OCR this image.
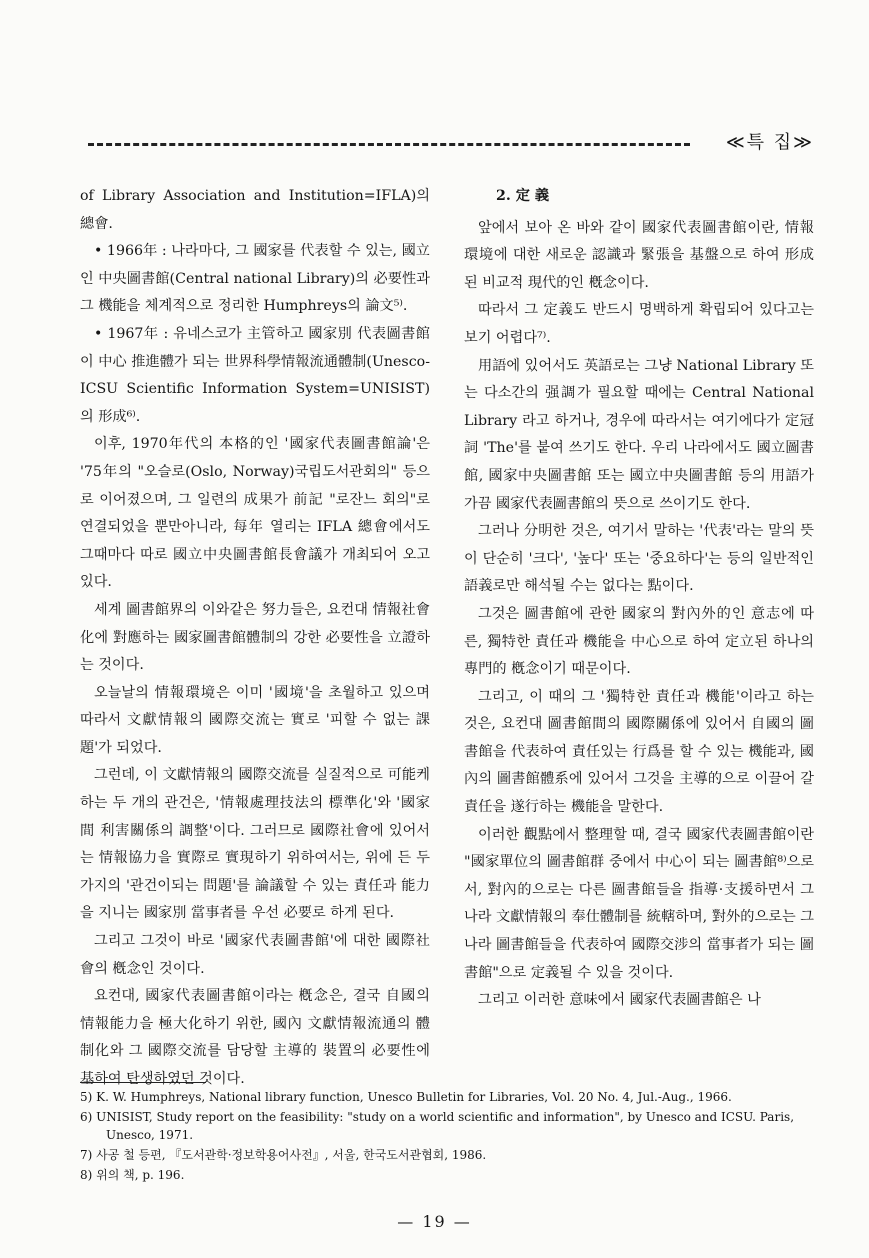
≪특 집≫

of Library Association and Institution=IFLA)의 總會.

• 1966年 : 나라마다, 그 國家를 代表할 수 있는, 國立인 中央圖書館(Central national Library)의 必要性과 그 機能을 체계적으로 정리한 Humphreys의 論文⁵⁾.

• 1967年 : 유네스코가 主管하고 國家別 代表圖書館이 中心 推進體가 되는 世界科學情報流通體制(Unesco-ICSU Scientific Information System=UNISIST)의 形成⁶⁾.

이후, 1970年代의 本格的인 '國家代表圖書館論'은 '75年의 "오슬로(Oslo, Norway)국립도서관회의" 등으로 이어졌으며, 그 일련의 成果가 前記 "로잔느 회의"로 연결되었을 뿐만아니라, 每年 열리는 IFLA 總會에서도 그때마다 따로 國立中央圖書館長會議가 개최되어 오고 있다.

세계 圖書館界의 이와같은 努力들은, 요컨대 情報社會化에 對應하는 國家圖書館體制의 강한 必要性을 立證하는 것이다.

오늘날의 情報環境은 이미 '國境'을 초월하고 있으며 따라서 文獻情報의 國際交流는 實로 '피할 수 없는 課題'가 되었다.

그런데, 이 文獻情報의 國際交流를 실질적으로 可能케 하는 두 개의 관건은, '情報處理技法의 標準化'와 '國家間 利害關係의 調整'이다. 그러므로 國際社會에 있어서는 情報協力을 實際로 實現하기 위하여서는, 위에 든 두 가지의 '관건이되는 問題'를 論議할 수 있는 責任과 能力을 지니는 國家別 當事者를 우선 必要로 하게 된다.

그리고 그것이 바로 '國家代表圖書館'에 대한 國際社會의 槪念인 것이다.

요컨대, 國家代表圖書館이라는 槪念은, 결국 自國의 情報能力을 極大化하기 위한, 國內 文獻情報流通의 體制化와 그 國際交流를 담당할 主導的 裝置의 必要性에 基하여 탄생하였던 것이다.

2. 定 義

앞에서 보아 온 바와 같이 國家代表圖書館이란, 情報環境에 대한 새로운 認識과 緊張을 基盤으로 하여 形成된 비교적 現代的인 槪念이다.

따라서 그 定義도 반드시 명백하게 확립되어 있다고는 보기 어렵다⁷⁾.

用語에 있어서도 英語로는 그냥 National Library 또는 다소간의 强調가 필요할 때에는 Central National Library 라고 하거나, 경우에 따라서는 여기에다가 定冠詞 'The'를 붙여 쓰기도 한다. 우리 나라에서도 國立圖書館, 國家中央圖書館 또는 國立中央圖書館 등의 用語가 가끔 國家代表圖書館의 뜻으로 쓰이기도 한다.

그러나 分明한 것은, 여기서 말하는 '代表'라는 말의 뜻이 단순히 '크다', '높다' 또는 '중요하다'는 등의 일반적인 語義로만 해석될 수는 없다는 點이다.

그것은 圖書館에 관한 國家의 對內外的인 意志에 따른, 獨特한 責任과 機能을 中心으로 하여 定立된 하나의 專門的 槪念이기 때문이다.

그리고, 이 때의 그 '獨特한 責任과 機能'이라고 하는 것은, 요컨대 圖書館間의 國際關係에 있어서 自國의 圖書館을 代表하여 責任있는 行爲를 할 수 있는 機能과, 國內의 圖書館體系에 있어서 그것을 主導的으로 이끌어 갈 責任을 遂行하는 機能을 말한다.

이러한 觀點에서 整理할 때, 결국 國家代表圖書館이란 "國家單位의 圖書館群 중에서 中心이 되는 圖書館⁸⁾으로서, 對內的으로는 다른 圖書館들을 指導·支援하면서 그 나라 文獻情報의 奉仕體制를 統轄하며, 對外的으로는 그 나라 圖書館들을 代表하여 國際交涉의 當事者가 되는 圖書館"으로 定義될 수 있을 것이다.

그리고 이러한 意味에서 國家代表圖書館은 나

5) K. W. Humphreys, National library function, Unesco Bulletin for Libraries, Vol. 20 No. 4, Jul.-Aug., 1966.

6) UNISIST, Study report on the feasibility: "study on a world scientific and information", by Unesco and ICSU. Paris, Unesco, 1971.

7) 사공 철 등편, 『도서관학·정보학용어사전』, 서울, 한국도서관협회, 1986.

8) 위의 책, p. 196.

— 19 —
